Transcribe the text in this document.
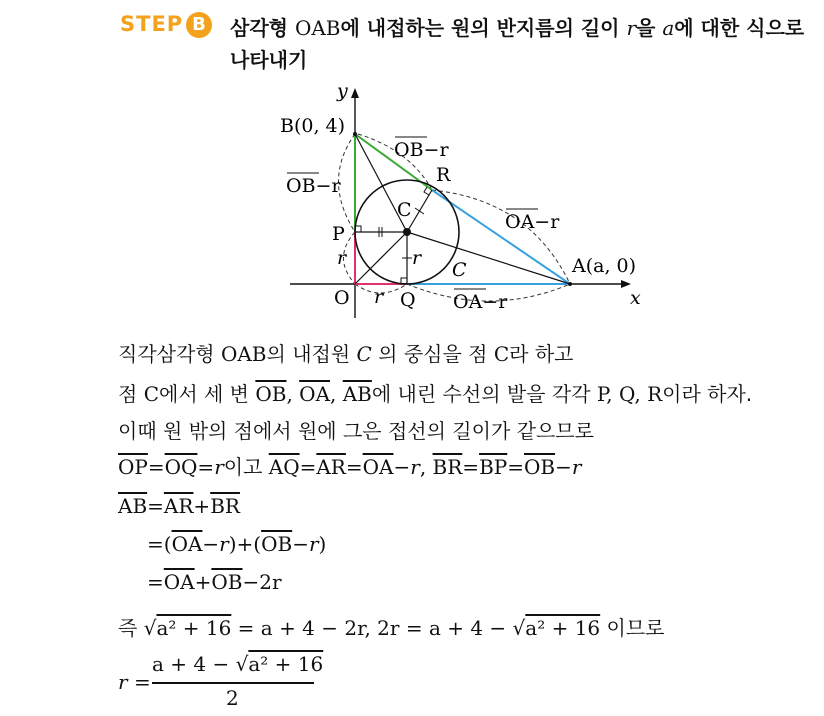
STEP B	삼각형 OAB에 내접하는 원의 반지름의 길이 r을 a에 대한 식으로
나타내기
y
x
B(0, 4)
A(a, 0)
O
P
Q
R
C
C
OB−r
OB−r
OA−r
OA−r
r
r
r
직각삼각형 OAB의 내접원 C 의 중심을 점 C라 하고
점 C에서 세 변 $\overline{OB}$, $\overline{OA}$, $\overline{AB}$에 내린 수선의 발을 각각 P, Q, R이라 하자.
이때 원 밖의 점에서 원에 그은 접선의 길이가 같으므로
$\overline{OP}=\overline{OQ}=r$이고 $\overline{AQ}=\overline{AR}=\overline{OA}-r$, $\overline{BR}=\overline{BP}=\overline{OB}-r$
$\overline{AB}=\overline{AR}+\overline{BR}$
$=(\overline{OA}-r)+(\overline{OB}-r)$
$=\overline{OA}+\overline{OB}-2r$
즉 √a² + 16 = a + 4 − 2r, 2r = a + 4 − √a² + 16 이므로
r =
a + 4 − √a² + 16
2
